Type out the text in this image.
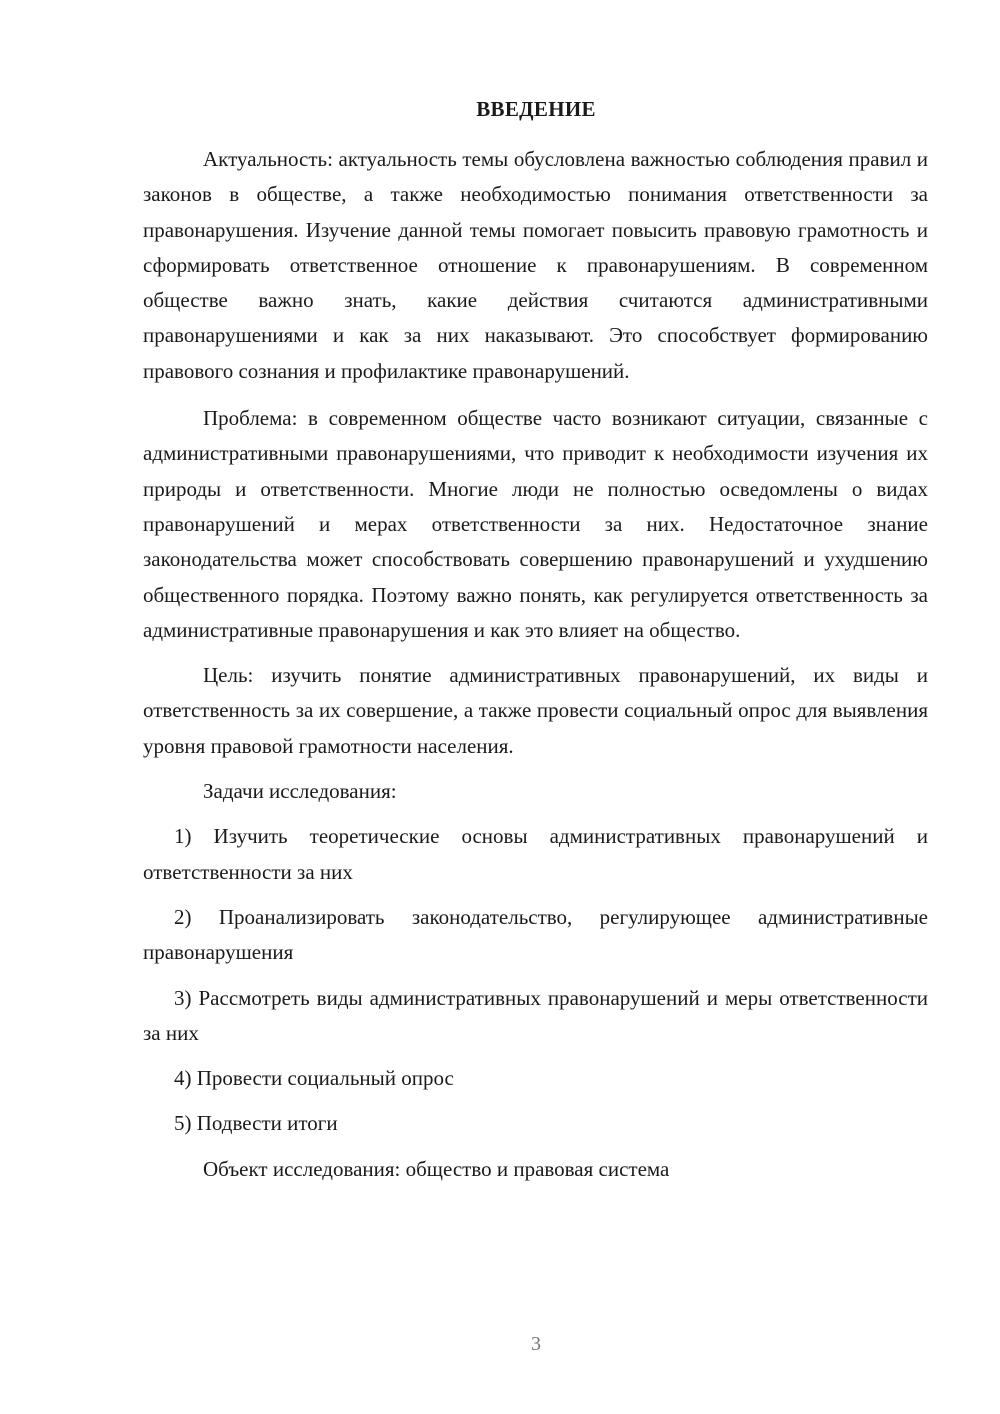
ВВЕДЕНИЕ

Актуальность: актуальность темы обусловлена важностью соблюдения правил и законов в обществе, а также необходимостью понимания ответственности за правонарушения. Изучение данной темы помогает повысить правовую грамотность и сформировать ответственное отношение к правонарушениям. В современном обществе важно знать, какие действия считаются административными правонарушениями и как за них наказывают. Это способствует формированию правового сознания и профилактике правонарушений.

Проблема: в современном обществе часто возникают ситуации, связанные с административными правонарушениями, что приводит к необходимости изучения их природы и ответственности. Многие люди не полностью осведомлены о видах правонарушений и мерах ответственности за них. Недостаточное знание законодательства может способствовать совершению правонарушений и ухудшению общественного порядка. Поэтому важно понять, как регулируется ответственность за административные правонарушения и как это влияет на общество.

Цель: изучить понятие административных правонарушений, их виды и ответственность за их совершение, а также провести социальный опрос для выявления уровня правовой грамотности населения.

Задачи исследования:

1) Изучить теоретические основы административных правонарушений и ответственности за них

2) Проанализировать законодательство, регулирующее административные правонарушения

3) Рассмотреть виды административных правонарушений и меры ответственности за них

4) Провести социальный опрос

5) Подвести итоги

Объект исследования: общество и правовая система

3
